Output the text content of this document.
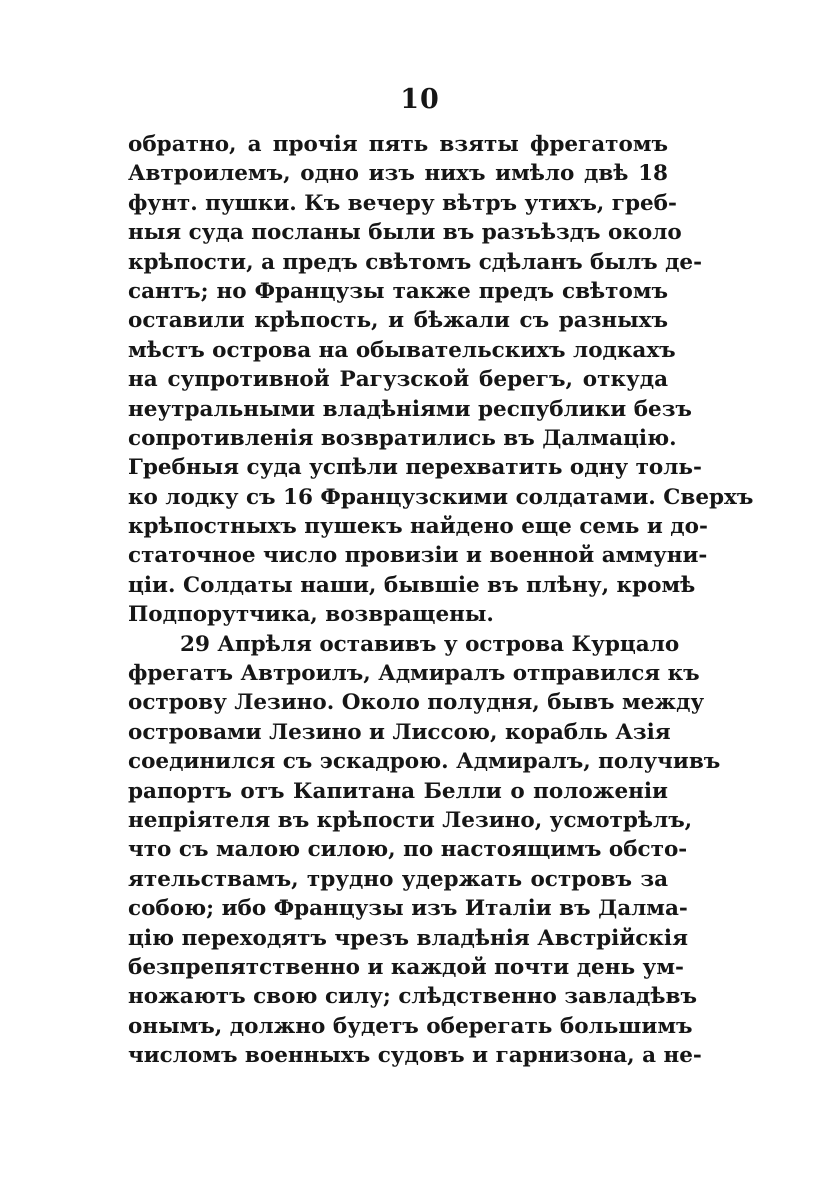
10
обратно, а прочія пять взяты фрегатомъ
Автроилемъ, одно изъ нихъ имѣло двѣ 18
фунт. пушки. Къ вечеру вѣтръ утихъ, греб-
ныя суда посланы были въ разъѣздъ около
крѣпости, а предъ свѣтомъ сдѣланъ былъ де-
сантъ; но Французы также предъ свѣтомъ
оставили крѣпость, и бѣжали съ разныхъ
мѣстъ острова на обывательскихъ лодкахъ
на супротивной Рагузской берегъ, откуда
неутральными владѣніями республики безъ
сопротивленія возвратились въ Далмацію.
Гребныя суда успѣли перехватить одну толь-
ко лодку съ 16 Французскими солдатами. Сверхъ
крѣпостныхъ пушекъ найдено еще семь и до-
статочное число провизіи и военной аммуни-
ціи. Солдаты наши, бывшіе въ плѣну, кромѣ
Подпорутчика, возвращены.
29 Апрѣля оставивъ у острова Курцало
фрегатъ Автроилъ, Адмиралъ отправился къ
острову Лезино. Около полудня, бывъ между
островами Лезино и Лиссою, корабль Азія
соединился съ эскадрою. Адмиралъ, получивъ
рапортъ отъ Капитана Белли о положеніи
непріятеля въ крѣпости Лезино, усмотрѣлъ,
что съ малою силою, по настоящимъ обсто-
ятельствамъ, трудно удержать островъ за
собою; ибо Французы изъ Италіи въ Далма-
цію переходятъ чрезъ владѣнія Австрійскія
безпрепятственно и каждой почти день ум-
ножаютъ свою силу; слѣдственно завладѣвъ
онымъ, должно будетъ оберегать большимъ
числомъ военныхъ судовъ и гарнизона, а не-
